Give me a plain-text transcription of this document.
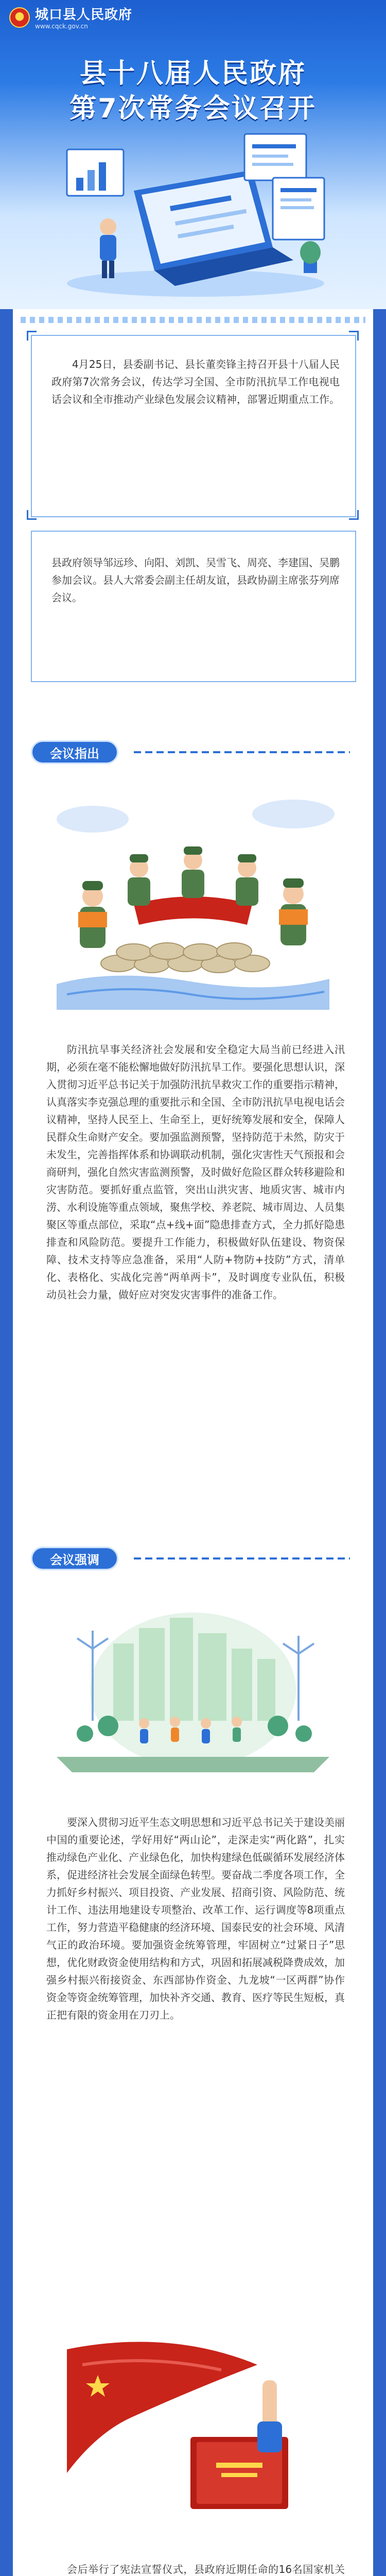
城口县人民政府
www.cqck.gov.cn
县十八届人民政府
第7次常务会议召开
4月25日，县委副书记、县长董奕锋主持召开县十八届人民政府第7次常务会议，传达学习全国、全市防汛抗旱工作电视电话会议和全市推动产业绿色发展会议精神，部署近期重点工作。
县政府领导邹远珍、向阳、刘凯、吴雪飞、周亮、李建国、吴鹏参加会议。县人大常委会副主任胡友谊，县政协副主席张芬列席会议。
会议指出
防汛抗旱事关经济社会发展和安全稳定大局当前已经进入汛期，必须在毫不能松懈地做好防汛抗旱工作。要强化思想认识，深入贯彻习近平总书记关于加强防汛抗旱救灾工作的重要指示精神，认真落实李克强总理的重要批示和全国、全市防汛抗旱电视电话会议精神，坚持人民至上、生命至上，更好统筹发展和安全，保障人民群众生命财产安全。要加强监测预警，坚持防范于未然，防灾于未发生，完善指挥体系和协调联动机制，强化灾害性天气预报和会商研判，强化自然灾害监测预警，及时做好危险区群众转移避险和灾害防范。要抓好重点监管，突出山洪灾害、地质灾害、城市内涝、水利设施等重点领域，聚焦学校、养老院、城市周边、人员集聚区等重点部位，采取“点+线+面”隐患排查方式，全力抓好隐患排查和风险防范。要提升工作能力，积极做好队伍建设、物资保障、技术支持等应急准备，采用“人防+物防+技防”方式，清单化、表格化、实战化完善“两单两卡”，及时调度专业队伍，积极动员社会力量，做好应对突发灾害事件的准备工作。
会议强调
要深入贯彻习近平生态文明思想和习近平总书记关于建设美丽中国的重要论述，学好用好“两山论”，走深走实“两化路”，扎实推动绿色产业化、产业绿色化，加快构建绿色低碳循环发展经济体系，促进经济社会发展全面绿色转型。要奋战二季度各项工作，全力抓好乡村振兴、项目投资、产业发展、招商引资、风险防范、统计工作、违法用地建设专项整治、改革工作、运行调度等8项重点工作，努力营造平稳健康的经济环境、国泰民安的社会环境、风清气正的政治环境。要加强资金统筹管理，牢固树立“过紧日子”思想，优化财政资金使用结构和方式，巩固和拓展减税降费成效，加强乡村振兴衔接资金、东西部协作资金、九龙坡“一区两群”协作资金等资金统筹管理，加快补齐交通、教育、医疗等民生短板，真正把有限的资金用在刀刃上。
会后举行了宪法宣誓仪式，县政府近期任命的16名国家机关
